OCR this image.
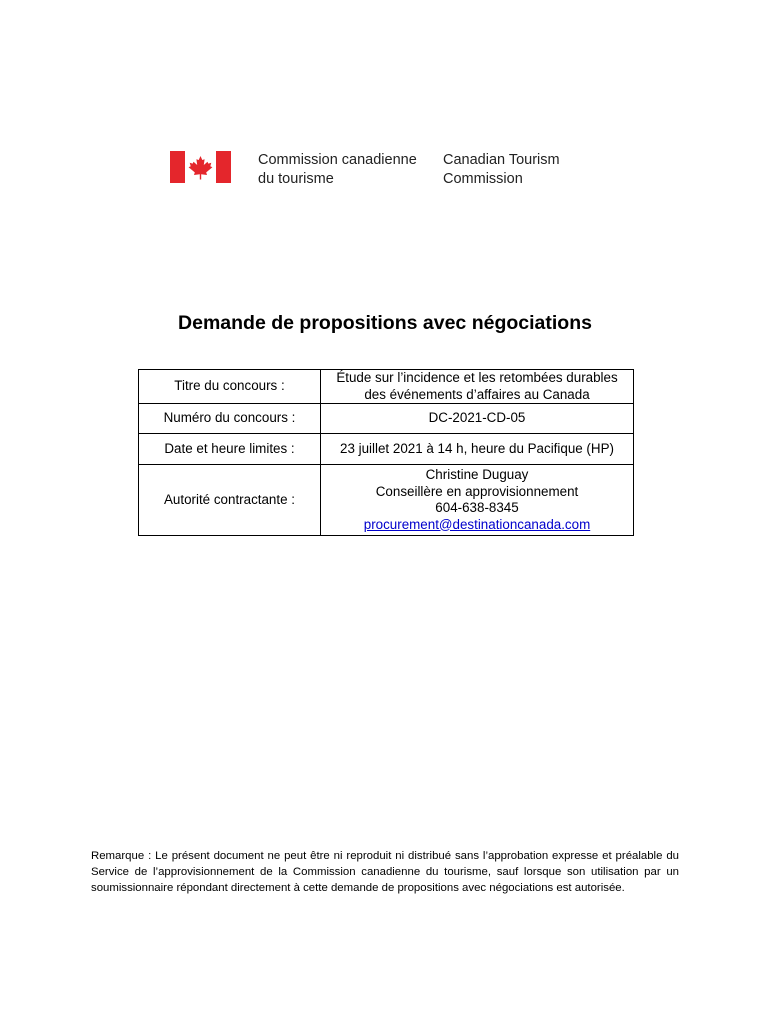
Commission canadienne
du tourisme
Canadian Tourism
Commission
Demande de propositions avec négociations
Titre du concours :	Étude sur l’incidence et les retombées durables
des événements d’affaires au Canada

Numéro du concours :	DC-2021-CD-05
Date et heure limites :	23 juillet 2021 à 14 h, heure du Pacifique (HP)
Autorité contractante :	Christine Duguay
Conseillère en approvisionnement
604-638-8345
procurement@destinationcanada.com
Remarque : Le présent document ne peut être ni reproduit ni distribué sans l’approbation expresse et préalable du Service de l’approvisionnement de la Commission canadienne du tourisme, sauf lorsque son utilisation par un soumissionnaire répondant directement à cette demande de propositions avec négociations est autorisée.
